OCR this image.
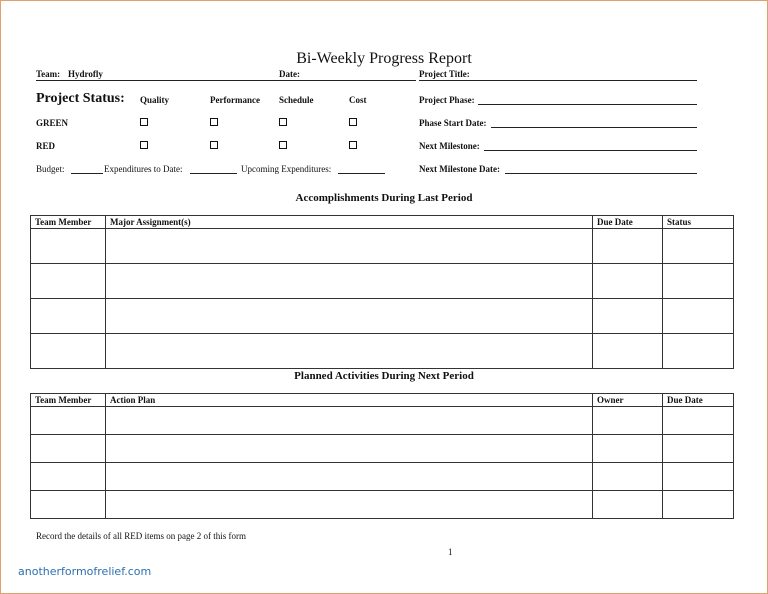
Bi-Weekly Progress Report
Team: Hydrofly	Date:	Project Title:
Project Status: Quality	Performance Schedule	Cost
GREEN
RED
Project Phase:
Phase Start Date:
Next Milestone:
Next Milestone Date:
Budget:	Expenditures to Date:	Upcoming Expenditures:
Accomplishments During Last Period
Team Member	Major Assignment(s)	Due Date	Status

Planned Activities During Next Period
Team Member	Action Plan	Owner	Due Date

Record the details of all RED items on page 2 of this form
1
anotherformofrelief.com
